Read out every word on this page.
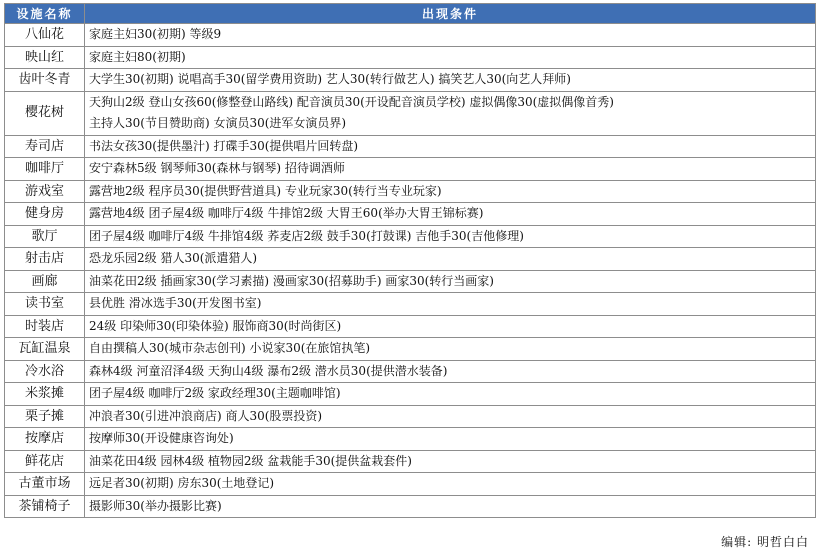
设施名称	出现条件
八仙花	家庭主妇30(初期) 等级9

映山红	家庭主妇80(初期)

齿叶冬青	大学生30(初期) 说唱高手30(留学费用资助) 艺人30(转行做艺人) 搞笑艺人30(向艺人拜师)

樱花树	天狗山2级 登山女孩60(修整登山路线) 配音演员30(开设配音演员学校) 虚拟偶像30(虚拟偶像首秀)
主持人30(节目赞助商) 女演员30(进军女演员界)

寿司店	书法女孩30(提供墨汁) 打碟手30(提供唱片回转盘)

咖啡厅	安宁森林5级 钢琴师30(森林与钢琴) 招待调酒师

游戏室	露营地2级 程序员30(提供野营道具) 专业玩家30(转行当专业玩家)

健身房	露营地4级 团子屋4级 咖啡厅4级 牛排馆2级 大胃王60(举办大胃王锦标赛)

歌厅	团子屋4级 咖啡厅4级 牛排馆4级 荞麦店2级 鼓手30(打鼓课) 吉他手30(吉他修理)

射击店	恐龙乐园2级 猎人30(派遣猎人)

画廊	油菜花田2级 插画家30(学习素描) 漫画家30(招募助手) 画家30(转行当画家)

读书室	县优胜 滑冰选手30(开发图书室)

时装店	24级 印染师30(印染体验) 服饰商30(时尚街区)

瓦缸温泉	自由撰稿人30(城市杂志创刊) 小说家30(在旅馆执笔)

冷水浴	森林4级 河童沼泽4级 天狗山4级 瀑布2级 潜水员30(提供潜水装备)

米浆摊	团子屋4级 咖啡厅2级 家政经理30(主题咖啡馆)

栗子摊	冲浪者30(引进冲浪商店) 商人30(股票投资)

按摩店	按摩师30(开设健康咨询处)

鲜花店	油菜花田4级 园林4级 植物园2级 盆栽能手30(提供盆栽套件)

古董市场	远足者30(初期) 房东30(土地登记)

茶铺椅子	摄影师30(举办摄影比赛)
编辑: 明哲白白
